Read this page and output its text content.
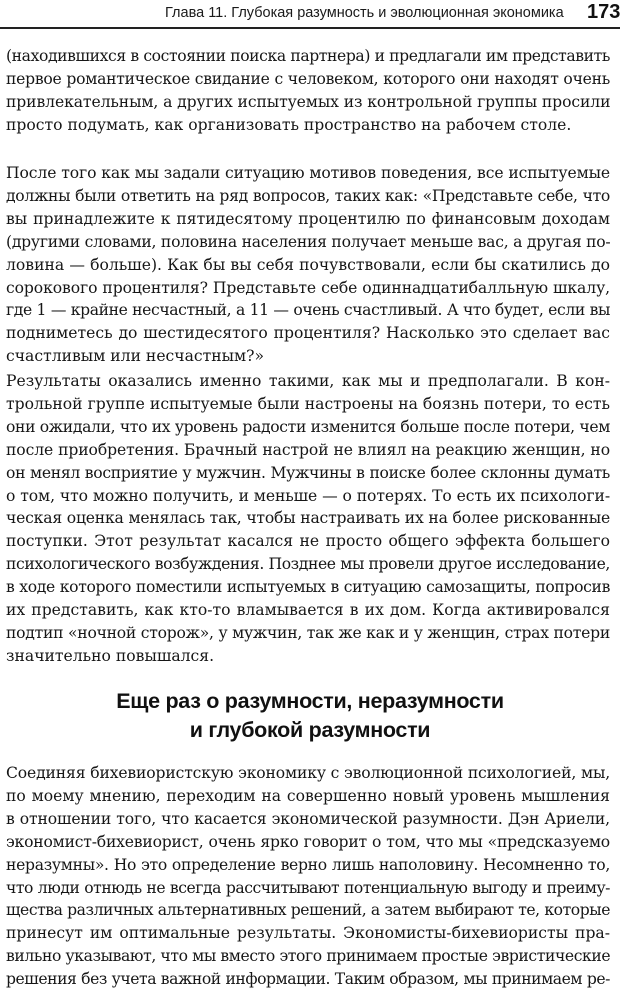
Глава 11. Глубокая разумность и эволюционная экономика 173
(находившихся в состоянии поиска партнера) и предлагали им представить
первое романтическое свидание с человеком, которого они находят очень
привлекательным, а других испытуемых из контрольной группы просили
просто подумать, как организовать пространство на рабочем столе.
После того как мы задали ситуацию мотивов поведения, все испытуемые
должны были ответить на ряд вопросов, таких как: «Представьте себе, что
вы принадлежите к пятидесятому процентилю по финансовым доходам
(другими словами, половина населения получает меньше вас, а другая по-
ловина — больше). Как бы вы себя почувствовали, если бы скатились до
сорокового процентиля? Представьте себе одиннадцатибалльную шкалу,
где 1 — крайне несчастный, а 11 — очень счастливый. А что будет, если вы
подниметесь до шестидесятого процентиля? Насколько это сделает вас
счастливым или несчастным?»
Результаты оказались именно такими, как мы и предполагали. В кон-
трольной группе испытуемые были настроены на боязнь потери, то есть
они ожидали, что их уровень радости изменится больше после потери, чем
после приобретения. Брачный настрой не влиял на реакцию женщин, но
он менял восприятие у мужчин. Мужчины в поиске более склонны думать
о том, что можно получить, и меньше — о потерях. То есть их психологи-
ческая оценка менялась так, чтобы настраивать их на более рискованные
поступки. Этот результат касался не просто общего эффекта большего
психологического возбуждения. Позднее мы провели другое исследование,
в ходе которого поместили испытуемых в ситуацию самозащиты, попросив
их представить, как кто-то вламывается в их дом. Когда активировался
подтип «ночной сторож», у мужчин, так же как и у женщин, страх потери
значительно повышался.
Еще раз о разумности, неразумности
и глубокой разумности
Соединяя бихевиористскую экономику с эволюционной психологией, мы,
по моему мнению, переходим на совершенно новый уровень мышления
в отношении того, что касается экономической разумности. Дэн Ариели,
экономист-бихевиорист, очень ярко говорит о том, что мы «предсказуемо
неразумны». Но это определение верно лишь наполовину. Несомненно то,
что люди отнюдь не всегда рассчитывают потенциальную выгоду и преиму-
щества различных альтернативных решений, а затем выбирают те, которые
принесут им оптимальные результаты. Экономисты-бихевиористы пра-
вильно указывают, что мы вместо этого принимаем простые эвристические
решения без учета важной информации. Таким образом, мы принимаем ре-
